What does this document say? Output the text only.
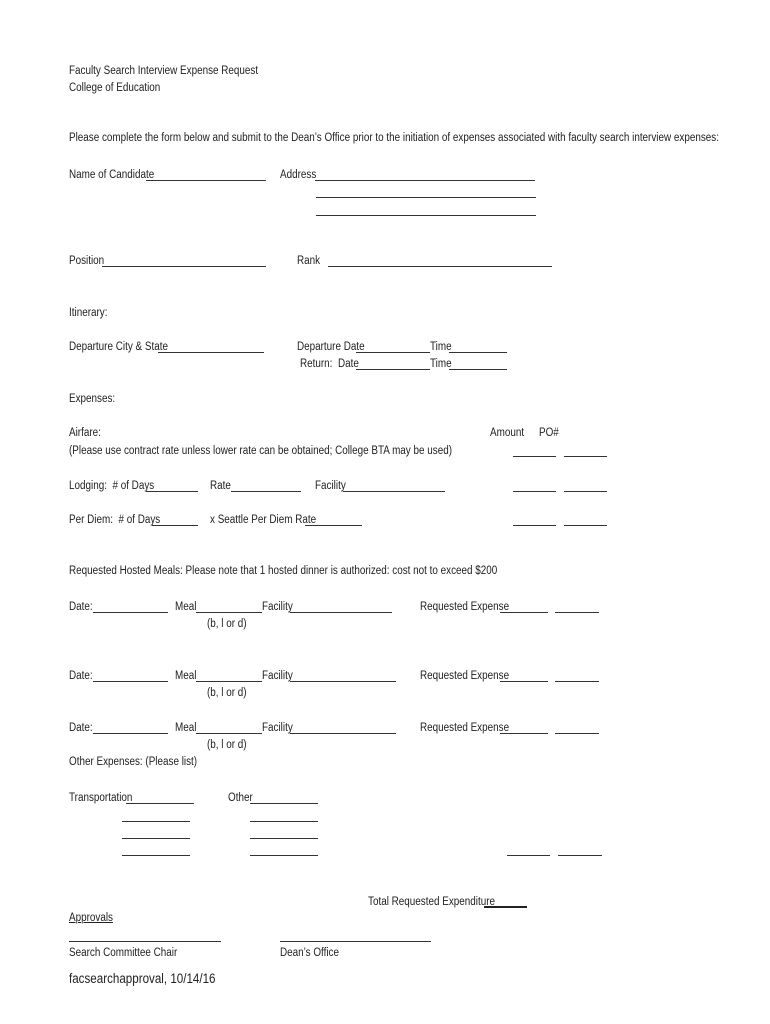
Faculty Search Interview Expense Request
College of Education
Please complete the form below and submit to the Dean’s Office prior to the initiation of expenses associated with faculty search interview expenses:
Name of Candidate	Address
Position	Rank
Itinerary:
Departure City & State	Departure Date	Time
Return: Date	Time
Expenses:
Amount PO#
Airfare:
(Please use contract rate unless lower rate can be obtained; College BTA may be used)
Lodging:  # of Days	Rate	Facility
Per Diem:  # of Days	x Seattle Per Diem Rate
Requested Hosted Meals: Please note that 1 hosted dinner is authorized: cost not to exceed $200
Date:	Meal	Facility	Requested Expense
(b, l or d)
Date:	Meal	Facility	Requested Expense
(b, l or d)
Date:	Meal	Facility	Requested Expense
(b, l or d)
Other Expenses: (Please list)
Transportation	Other
Total Requested Expenditure
Approvals
Search Committee Chair	Dean’s Office
facsearchapproval, 10/14/16
